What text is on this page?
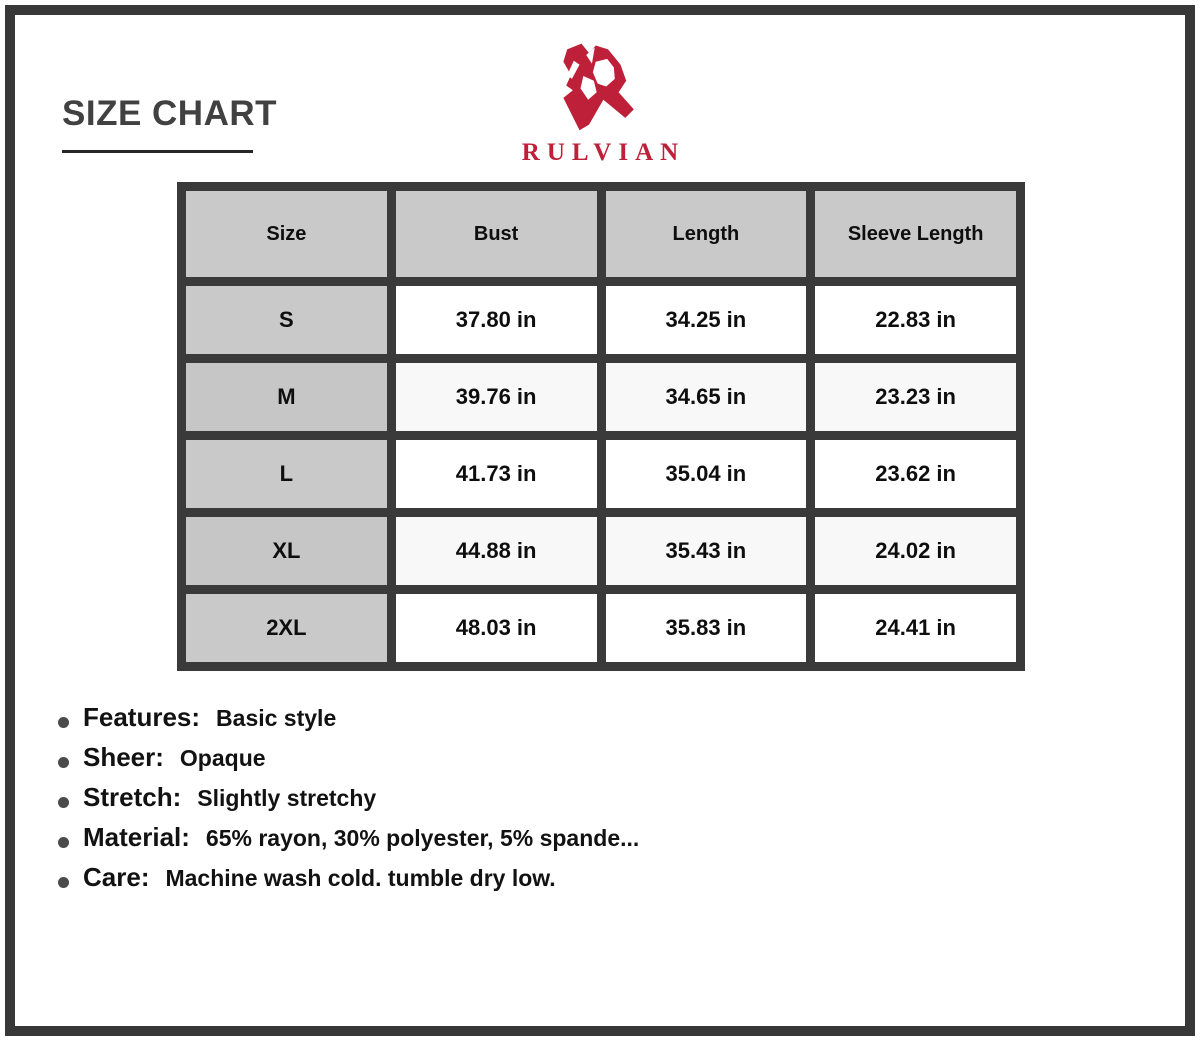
SIZE CHART
RULVIAN
Size	Bust	Length	Sleeve Length
S	37.80 in	34.25 in	22.83 in
M	39.76 in	34.65 in	23.23 in
L	41.73 in	35.04 in	23.62 in
XL	44.88 in	35.43 in	24.02 in
2XL	48.03 in	35.83 in	24.41 in
Features: Basic style
Sheer: Opaque
Stretch: Slightly stretchy
Material: 65% rayon, 30% polyester, 5% spande...
Care: Machine wash cold. tumble dry low.
